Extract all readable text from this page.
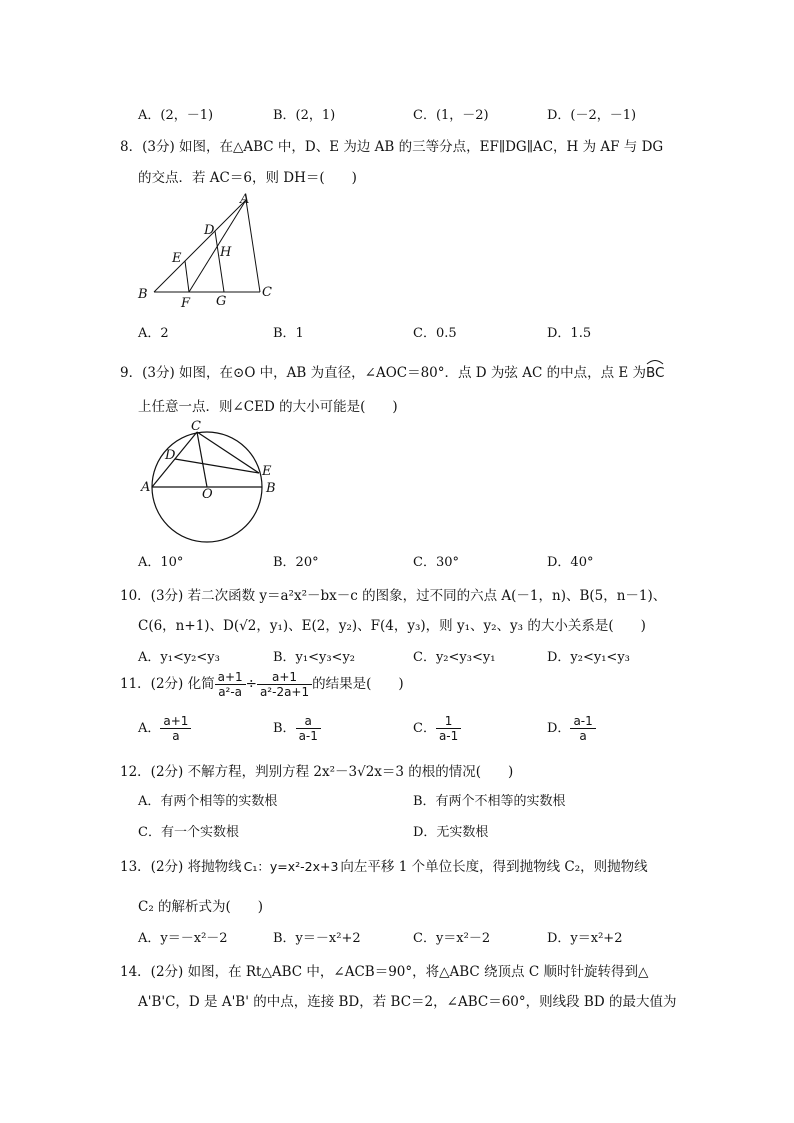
A．(2，－1)	B．(2，1)	C．(1，－2)	D．(－2，－1)
8．(3分) 如图，在△ABC 中，D、E 为边 AB 的三等分点，EF∥DG∥AC，H 为 AF 与 DG
的交点．若 AC＝6，则 DH＝(　　)
A
B	C
D
E
F G
H
A．2	B．1	C．0.5	D．1.5
9．(3分) 如图，在⊙O 中，AB 为直径，∠AOC＝80°．点 D 为弦 AC 的中点，点 E 为
BC
上任意一点．则∠CED 的大小可能是(　　)
A	B
C
D
E
O
A．10°	B．20°	C．30°	D．40°
10．(3分) 若二次函数 y＝a²x²－bx－c 的图象，过不同的六点 A(－1，n)、B(5，n－1)、
C(6，n+1)、D(√2，y₁)、E(2，y₂)、F(4，y₃)，则 y₁、y₂、y₃ 的大小关系是(　　)
A．y₁<y₂<y₃	B．y₁<y₃<y₂	C．y₂<y₃<y₁	D．y₂<y₁<y₃
11．(2分) 化简 $\frac{a+1}{\text{a²-a}} \div \frac{a+1}{\text{a²-2a+1}}$ 的结果是(　　)
A． $\frac{a+1}{a}$	B． $\frac{a}{a-1}$	C． $\frac{1}{a-1}$	D． $\frac{a-1}{a}$
12．(2分) 不解方程，判别方程 2x²－3√2x＝3 的根的情况(　　)
A．有两个相等的实数根	B．有两个不相等的实数根
C．有一个实数根	D．无实数根
13．(2分) 将抛物线 C₁：y=x²-2x+3 向左平移 1 个单位长度，得到抛物线 C₂，则抛物线
C₂ 的解析式为(　　)
A．y＝－x²－2	B．y＝－x²+2	C．y＝x²－2	D．y＝x²+2
14．(2分) 如图，在 Rt△ABC 中，∠ACB＝90°，将△ABC 绕顶点 C 顺时针旋转得到△
A'B'C，D 是 A'B' 的中点，连接 BD，若 BC＝2，∠ABC＝60°，则线段 BD 的最大值为
